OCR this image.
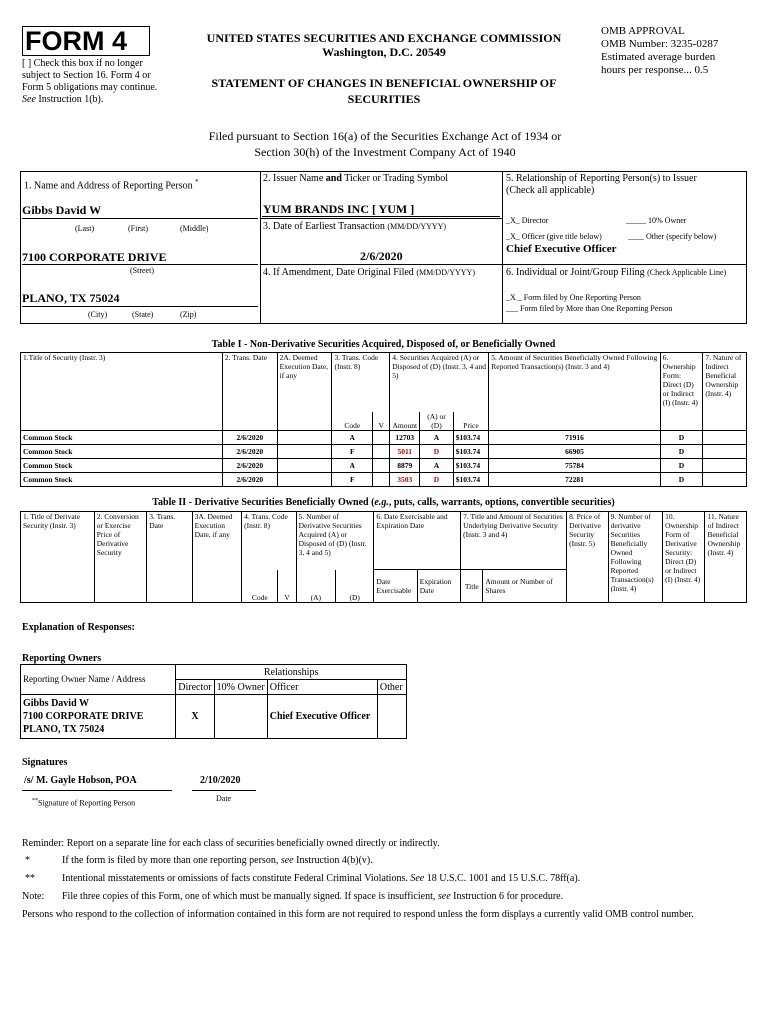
FORM 4
[ ] Check this box if no longer subject to Section 16. Form 4 or Form 5 obligations may continue. See Instruction 1(b).
UNITED STATES SECURITIES AND EXCHANGE COMMISSION
Washington, D.C. 20549
STATEMENT OF CHANGES IN BENEFICIAL OWNERSHIP OF
SECURITIES
OMB APPROVAL
OMB Number: 3235-0287
Estimated average burden
hours per response... 0.5
Filed pursuant to Section 16(a) of the Securities Exchange Act of 1934 or
Section 30(h) of the Investment Company Act of 1940
1. Name and Address of Reporting Person *
Gibbs David W
(Last)	(First)	(Middle)
7100 CORPORATE DRIVE
(Street)
PLANO, TX 75024
(City)	(State)	(Zip)
2. Issuer Name and Ticker or Trading Symbol
YUM BRANDS INC [ YUM ]
3. Date of Earliest Transaction (MM/DD/YYYY)
2/6/2020
4. If Amendment, Date Original Filed (MM/DD/YYYY)
5. Relationship of Reporting Person(s) to Issuer
(Check all applicable)
_X_ Director	_____ 10% Owner
_X_ Officer (give title below)	____ Other (specify below)
Chief Executive Officer
6. Individual or Joint/Group Filing (Check Applicable Line)
_X _ Form filed by One Reporting Person
___ Form filed by More than One Reporting Person
Table I - Non-Derivative Securities Acquired, Disposed of, or Beneficially Owned
1.Title of Security (Instr. 3)	2. Trans. Date	2A. Deemed Execution Date, if any	3. Trans. Code (Instr. 8)		4. Securities Acquired (A) or Disposed of (D) (Instr. 3, 4 and 5)			5. Amount of Securities Beneficially Owned Following Reported Transaction(s) (Instr. 3 and 4)	6. Ownership Form: Direct (D) or Indirect (I) (Instr. 4)	7. Nature of Indirect Beneficial Ownership (Instr. 4)
			Code	V	Amount	(A) or (D)	Price			
Common Stock	2/6/2020		A		12703	A	$103.74	71916	D	
Common Stock	2/6/2020		F		5011	D	$103.74	66905	D	
Common Stock	2/6/2020		A		8879	A	$103.74	75784	D	
Common Stock	2/6/2020		F		3503	D	$103.74	72281	D	
Table II - Derivative Securities Beneficially Owned (e.g., puts, calls, warrants, options, convertible securities)
1. Title of Derivate Security (Instr. 3)	2. Conversion or Exercise Price of Derivative Security	3. Trans. Date	3A. Deemed Execution Date, if any	4. Trans. Code (Instr. 8)		5. Number of Derivative Securities Acquired (A) or Disposed of (D) (Instr. 3, 4 and 5)		6. Date Exercisable and Expiration Date		7. Title and Amount of Securities Underlying Derivative Security (Instr. 3 and 4)		8. Price of Derivative Security (Instr. 5)	9. Number of derivative Securities Beneficially Owned Following Reported Transaction(s) (Instr. 4)	10. Ownership Form of Derivative Security: Direct (D) or Indirect (I) (Instr. 4)	11. Nature of Indirect Beneficial Ownership (Instr. 4)
				Code	V	(A)	(D)	Date Exercisable	Expiration Date	Title	Amount or Number of Shares				
Explanation of Responses:
Reporting Owners
Reporting Owner Name / Address	Relationships			
	Director	10% Owner	Officer	Other

Gibbs David W
7100 CORPORATE DRIVE
PLANO, TX 75024	X		Chief Executive Officer	
Signatures
/s/ M. Gayle Hobson, POA	2/10/2020
**Signature of Reporting Person
Date
Reminder: Report on a separate line for each class of securities beneficially owned directly or indirectly.
*	If the form is filed by more than one reporting person, see Instruction 4(b)(v).
**	Intentional misstatements or omissions of facts constitute Federal Criminal Violations. See 18 U.S.C. 1001 and 15 U.S.C. 78ff(a).
Note: File three copies of this Form, one of which must be manually signed. If space is insufficient, see Instruction 6 for procedure.
Persons who respond to the collection of information contained in this form are not required to respond unless the form displays a currently valid OMB control number.
